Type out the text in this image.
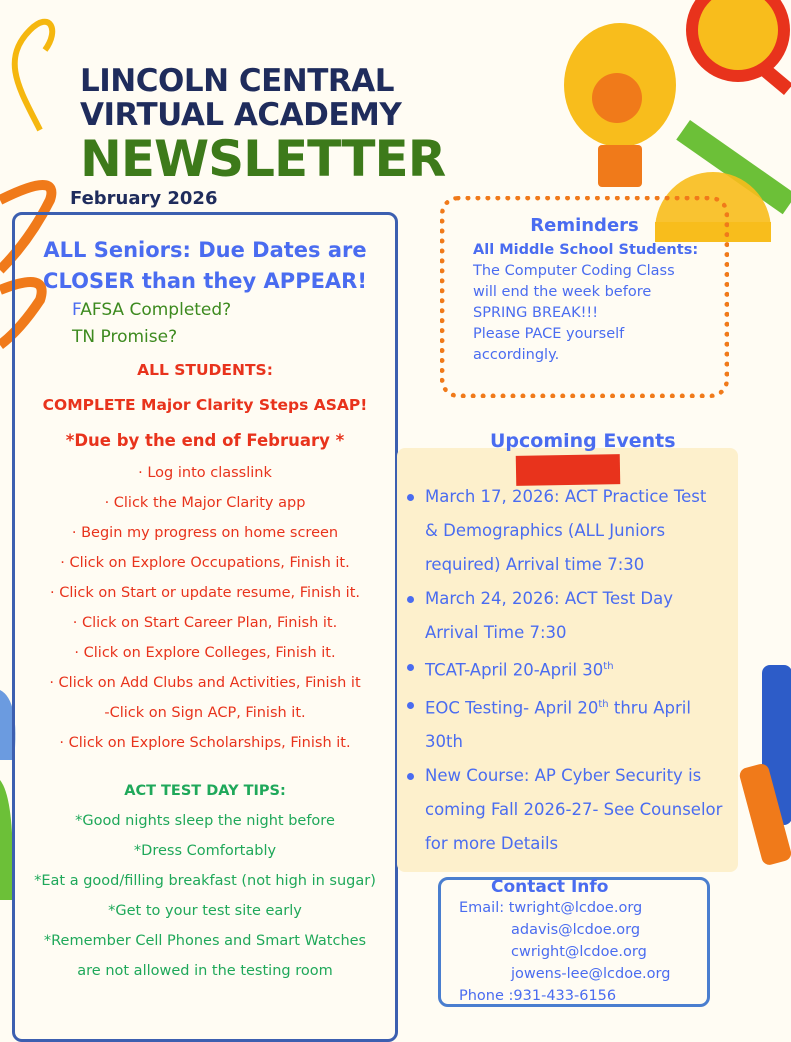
LINCOLN CENTRAL
VIRTUAL ACADEMY
NEWSLETTER
February 2026
ALL Seniors: Due Dates are
CLOSER than they APPEAR!
FAFSA Completed?
TN Promise?
ALL STUDENTS:
COMPLETE Major Clarity Steps ASAP!
*Due by the end of February *
· Log into classlink
· Click the Major Clarity app
· Begin my progress on home screen
· Click on Explore Occupations, Finish it.
· Click on Start or update resume, Finish it.
· Click on Start Career Plan, Finish it.
· Click on Explore Colleges, Finish it.
· Click on Add Clubs and Activities, Finish it
-Click on Sign ACP, Finish it.
· Click on Explore Scholarships, Finish it.
ACT TEST DAY TIPS:
*Good nights sleep the night before
*Dress Comfortably
*Eat a good/filling breakfast (not high in sugar)
*Get to your test site early
*Remember Cell Phones and Smart Watches
are not allowed in the testing room
Reminders

All Middle School Students:

The Computer Coding Class

will end the week before

SPRING BREAK!!!

Please PACE yourself

accordingly.

March 17, 2026: ACT Practice Test & Demographics (ALL Juniors required) Arrival time 7:30
March 24, 2026: ACT Test Day Arrival Time 7:30
TCAT-April 20-April 30th
EOC Testing- April 20th thru April 30th
New Course: AP Cyber Security is coming Fall 2026-27- See Counselor for more Details
Upcoming Events
Contact Info

Email: twright@lcdoe.org

adavis@lcdoe.org

cwright@lcdoe.org

jowens-lee@lcdoe.org

Phone :931-433-6156
